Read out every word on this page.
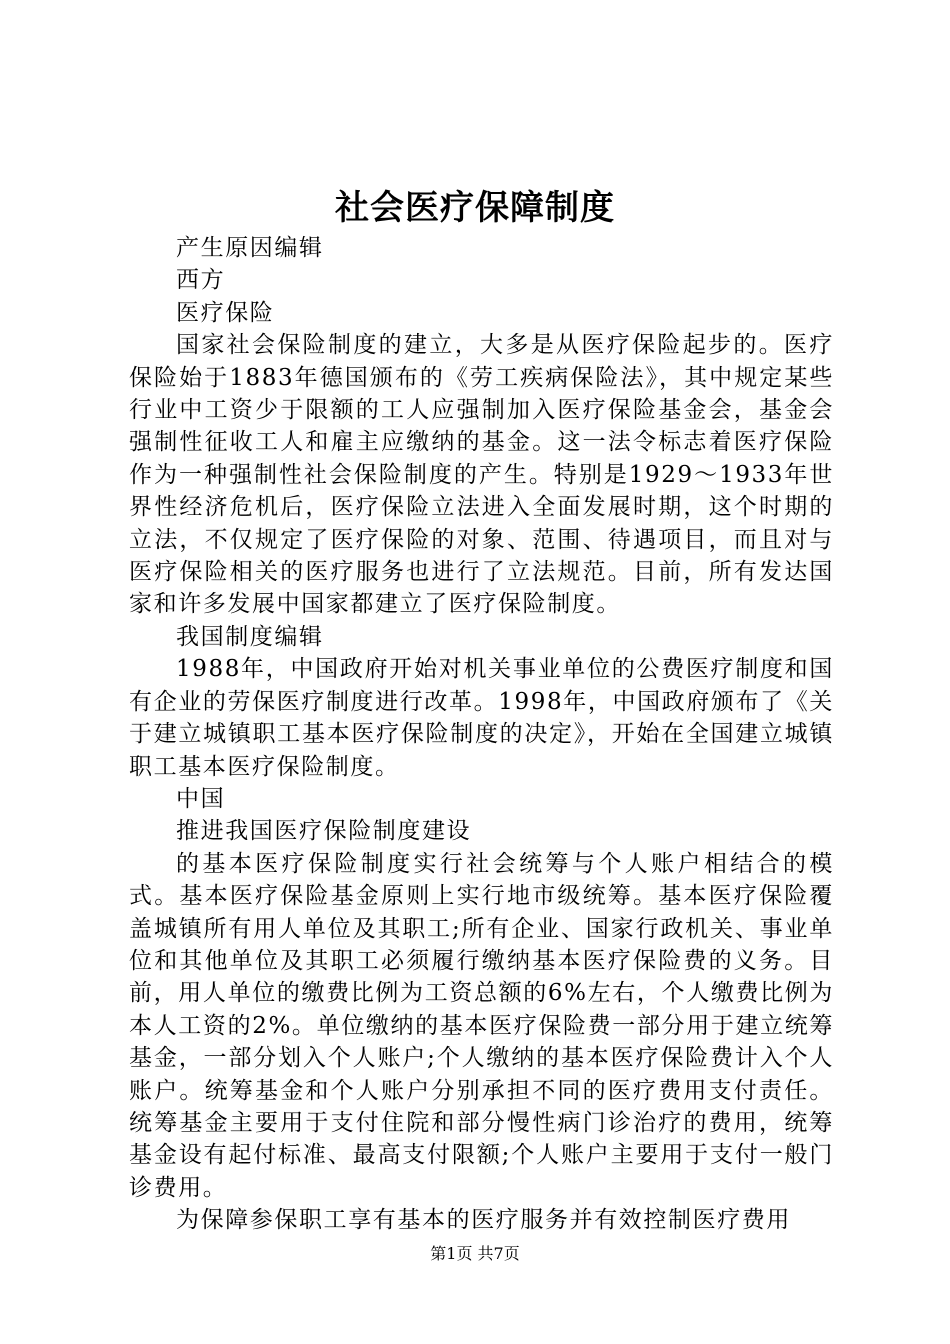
社会医疗保障制度

产生原因编辑

西方

医疗保险

国家社会保险制度的建立，大多是从医疗保险起步的。医疗保险始于1883年德国颁布的《劳工疾病保险法》，其中规定某些行业中工资少于限额的工人应强制加入医疗保险基金会，基金会强制性征收工人和雇主应缴纳的基金。这一法令标志着医疗保险作为一种强制性社会保险制度的产生。特别是1929～1933年世界性经济危机后，医疗保险立法进入全面发展时期，这个时期的立法，不仅规定了医疗保险的对象、范围、待遇项目，而且对与医疗保险相关的医疗服务也进行了立法规范。目前，所有发达国家和许多发展中国家都建立了医疗保险制度。

我国制度编辑

1988年，中国政府开始对机关事业单位的公费医疗制度和国有企业的劳保医疗制度进行改革。1998年，中国政府颁布了《关于建立城镇职工基本医疗保险制度的决定》，开始在全国建立城镇职工基本医疗保险制度。

中国

推进我国医疗保险制度建设

的基本医疗保险制度实行社会统筹与个人账户相结合的模式。基本医疗保险基金原则上实行地市级统筹。基本医疗保险覆盖城镇所有用人单位及其职工;所有企业、国家行政机关、事业单位和其他单位及其职工必须履行缴纳基本医疗保险费的义务。目前，用人单位的缴费比例为工资总额的6%左右，个人缴费比例为本人工资的2%。单位缴纳的基本医疗保险费一部分用于建立统筹基金，一部分划入个人账户;个人缴纳的基本医疗保险费计入个人账户。统筹基金和个人账户分别承担不同的医疗费用支付责任。统筹基金主要用于支付住院和部分慢性病门诊治疗的费用，统筹基金设有起付标准、最高支付限额;个人账户主要用于支付一般门诊费用。

为保障参保职工享有基本的医疗服务并有效控制医疗费用

第1页 共7页
